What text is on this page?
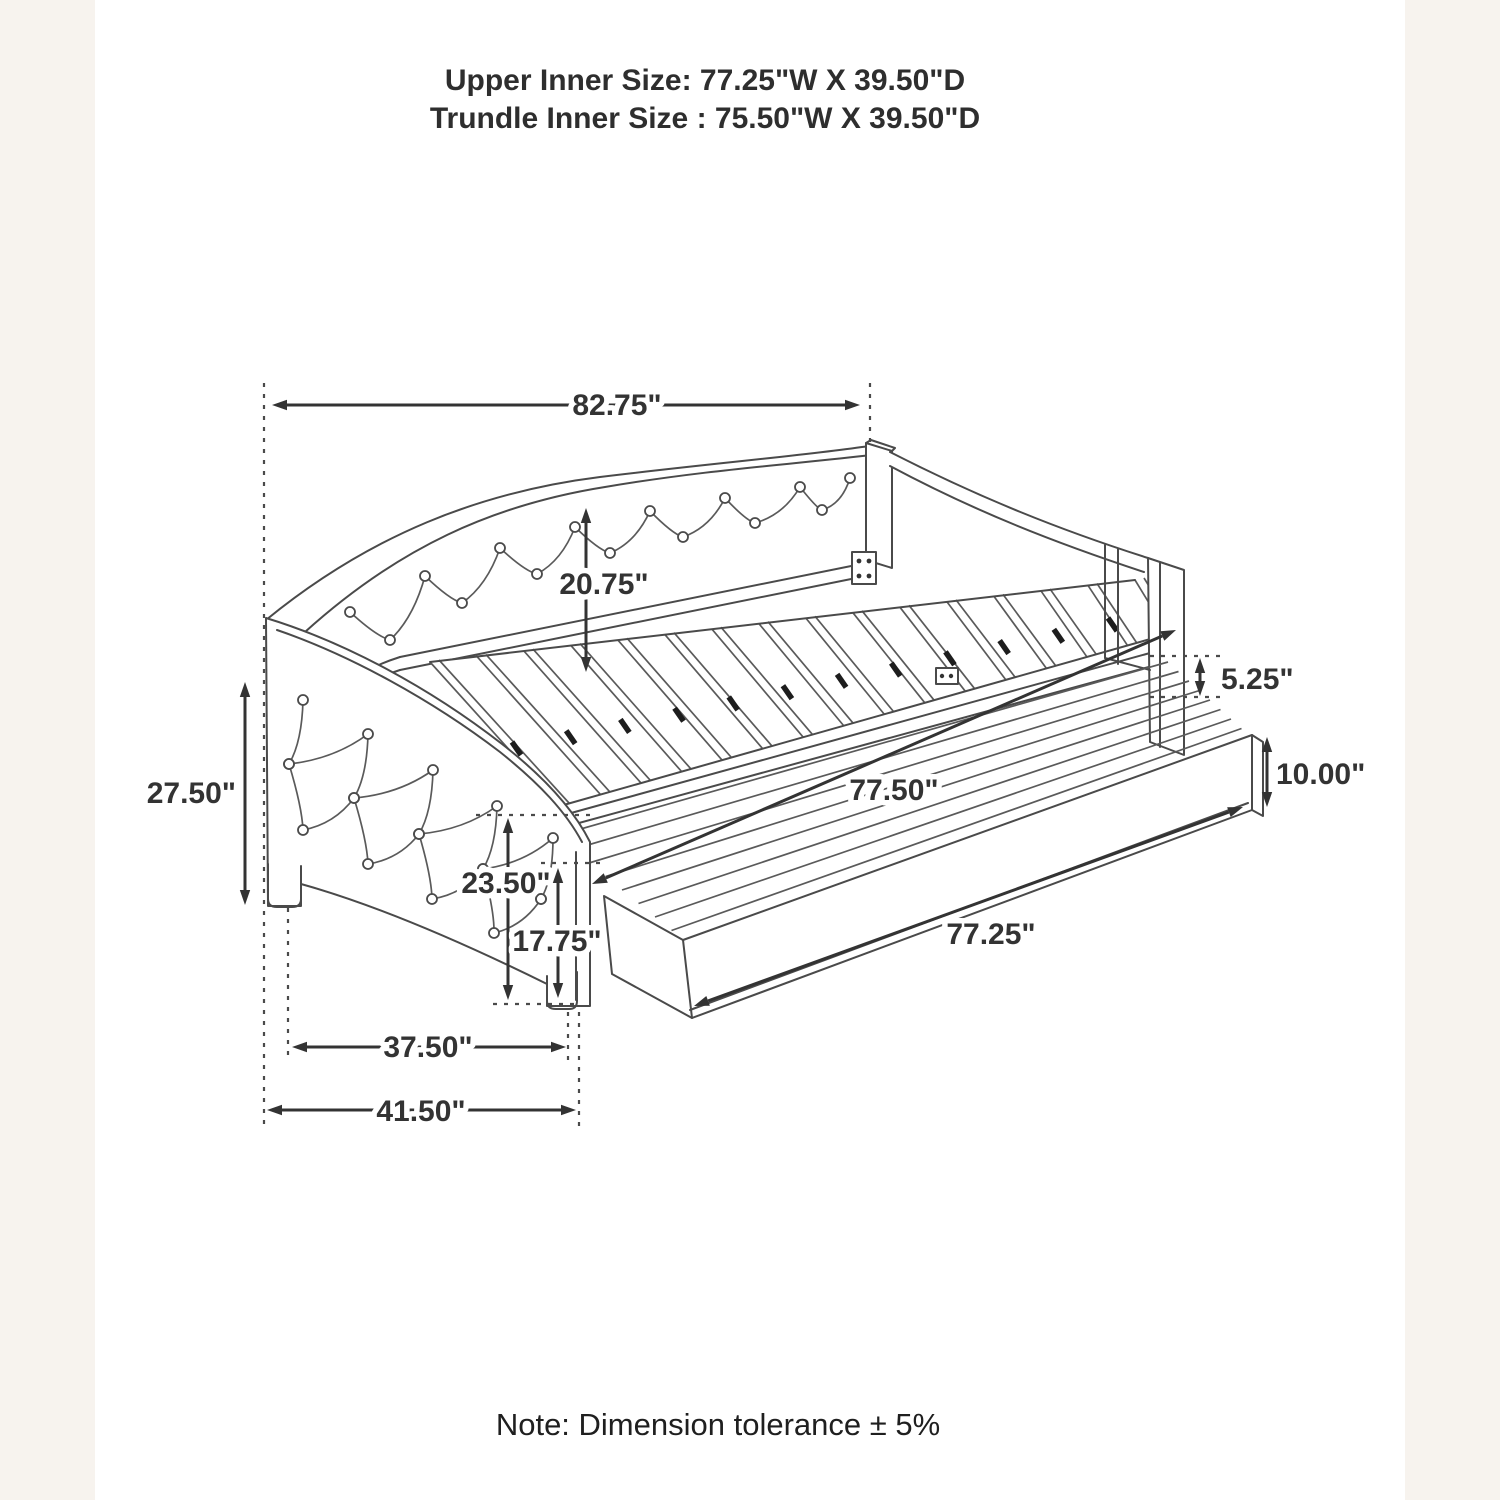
Upper Inner Size: 77.25"W X 39.50"D
Trundle Inner Size : 75.50"W X 39.50"D
82.75"
20.75"
27.50"
5.25"
10.00"
77.50"
77.25"
23.50"
17.75"
37.50"
41.50"
Note: Dimension tolerance ± 5%
